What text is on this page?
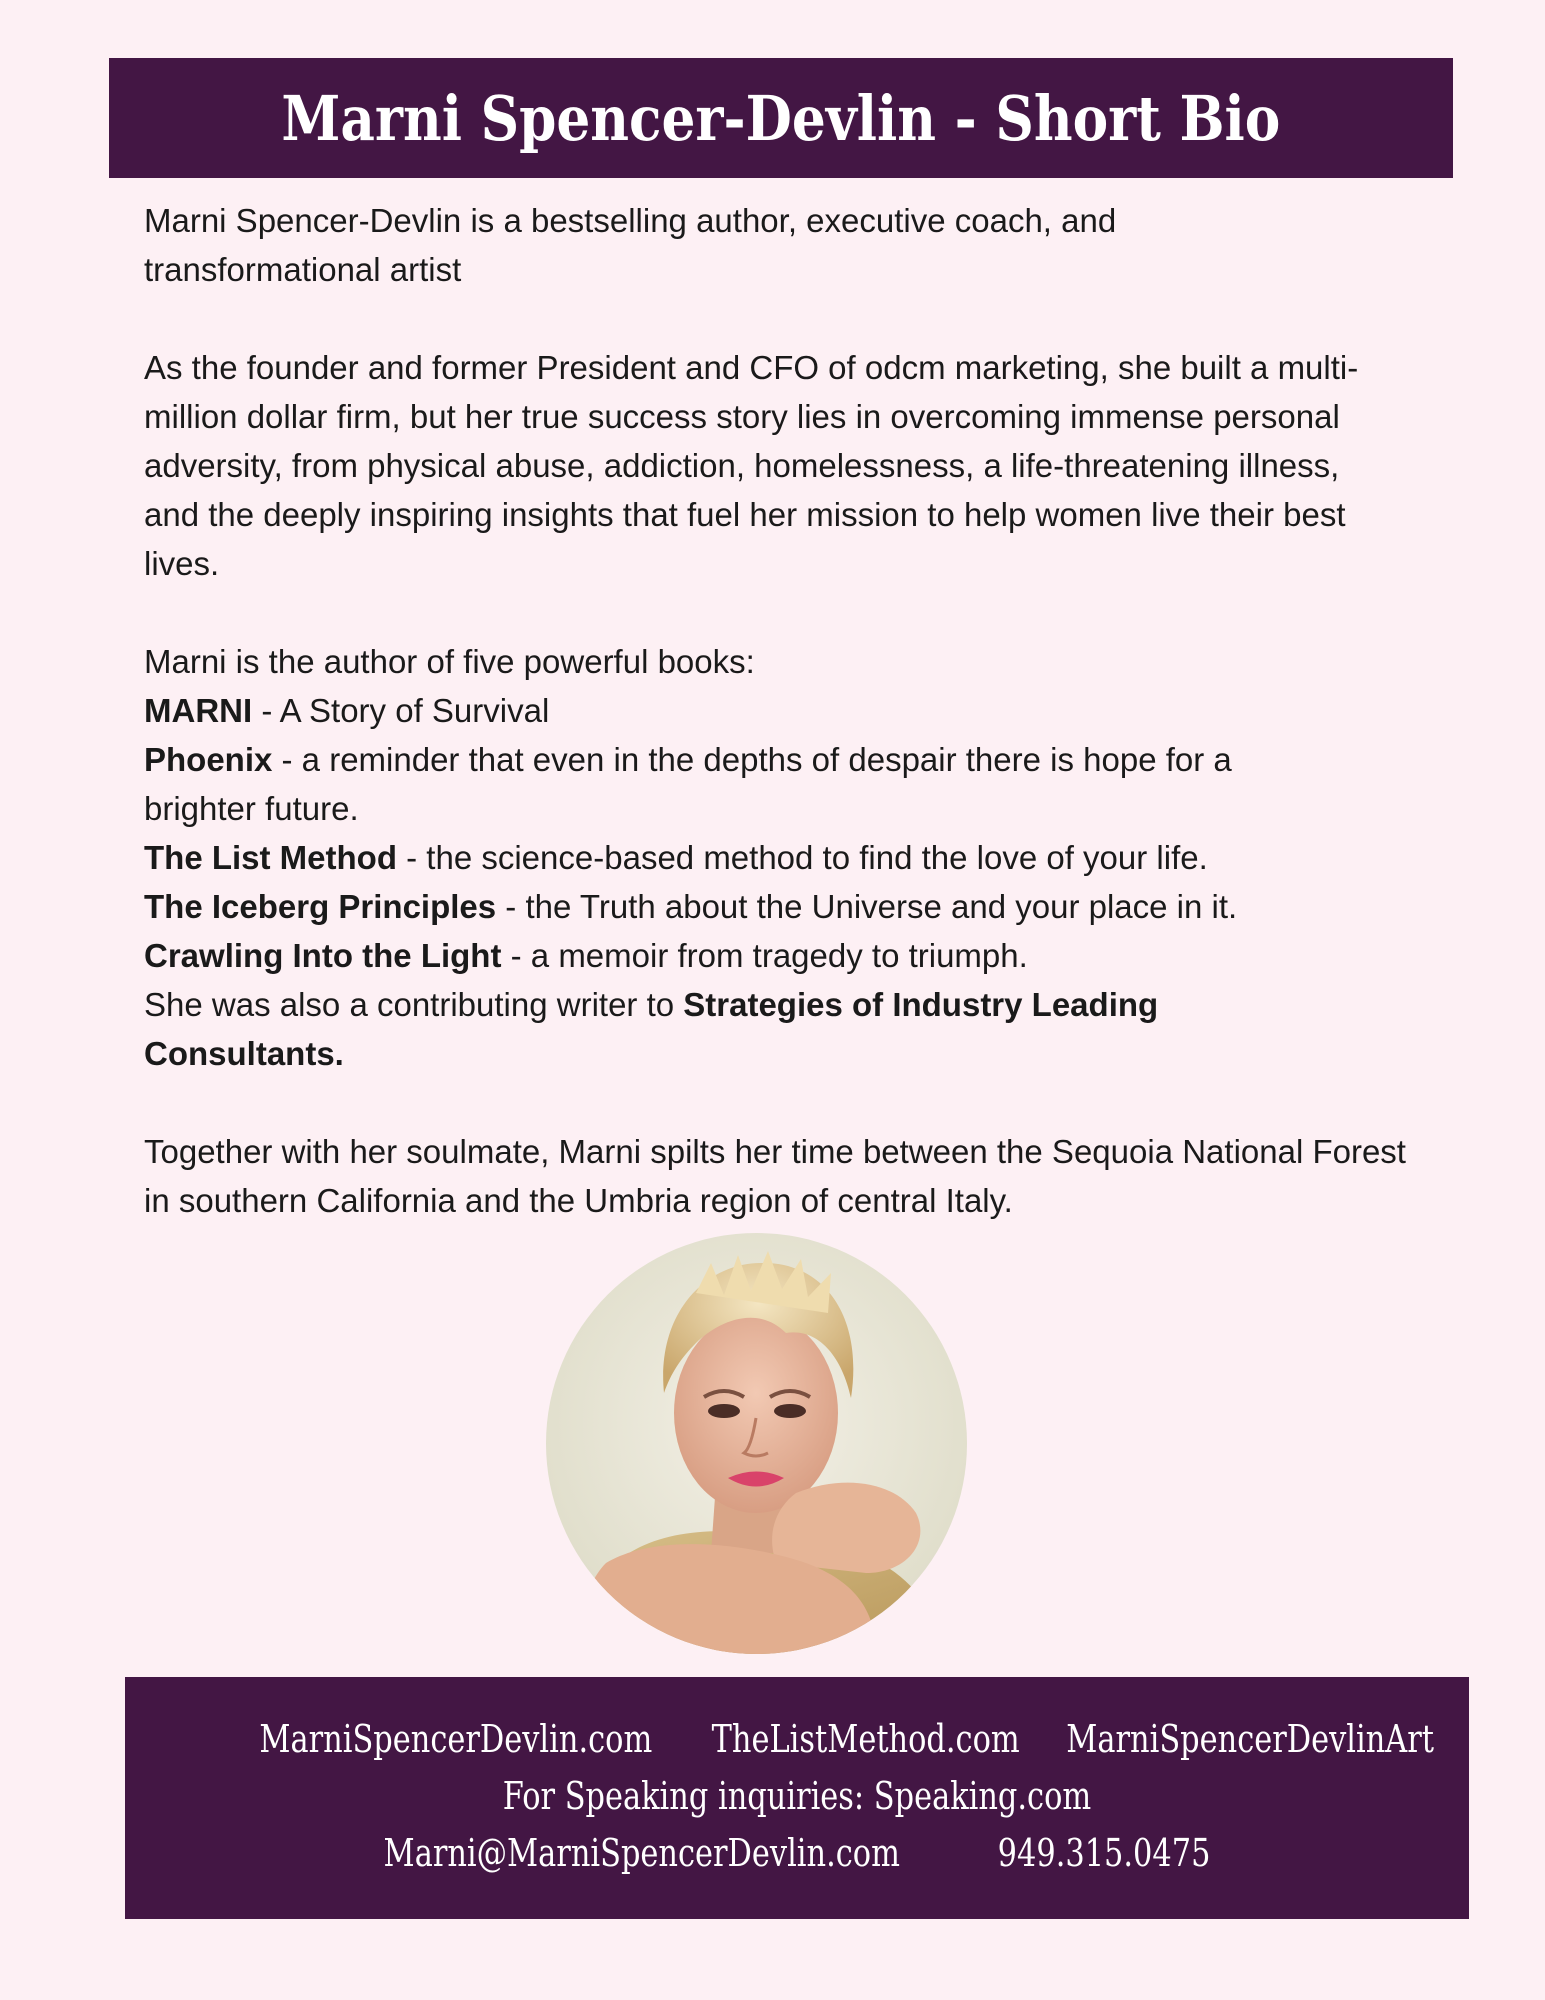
Marni Spencer-Devlin - Short Bio

Marni Spencer-Devlin is a bestselling author, executive coach, and transformational artist

As the founder and former President and CFO of odcm marketing, she built a multi-million dollar firm, but her true success story lies in overcoming immense personal adversity, from physical abuse, addiction, homelessness, a life-threatening illness, and the deeply inspiring insights that fuel her mission to help women live their best lives.

Marni is the author of five powerful books:

MARNI - A Story of Survival

Phoenix - a reminder that even in the depths of despair there is hope for a brighter future.

The List Method - the science-based method to find the love of your life.

The Iceberg Principles - the Truth about the Universe and your place in it.

Crawling Into the Light - a memoir from tragedy to triumph.

She was also a contributing writer to Strategies of Industry Leading Consultants.

Together with her soulmate, Marni spilts her time between the Sequoia National Forest in southern California and the Umbria region of central Italy.

MarniSpencerDevlin.com TheListMethod.com MarniSpencerDevlinArt
For Speaking inquiries: Speaking.com
Marni@MarniSpencerDevlin.com	949.315.0475
